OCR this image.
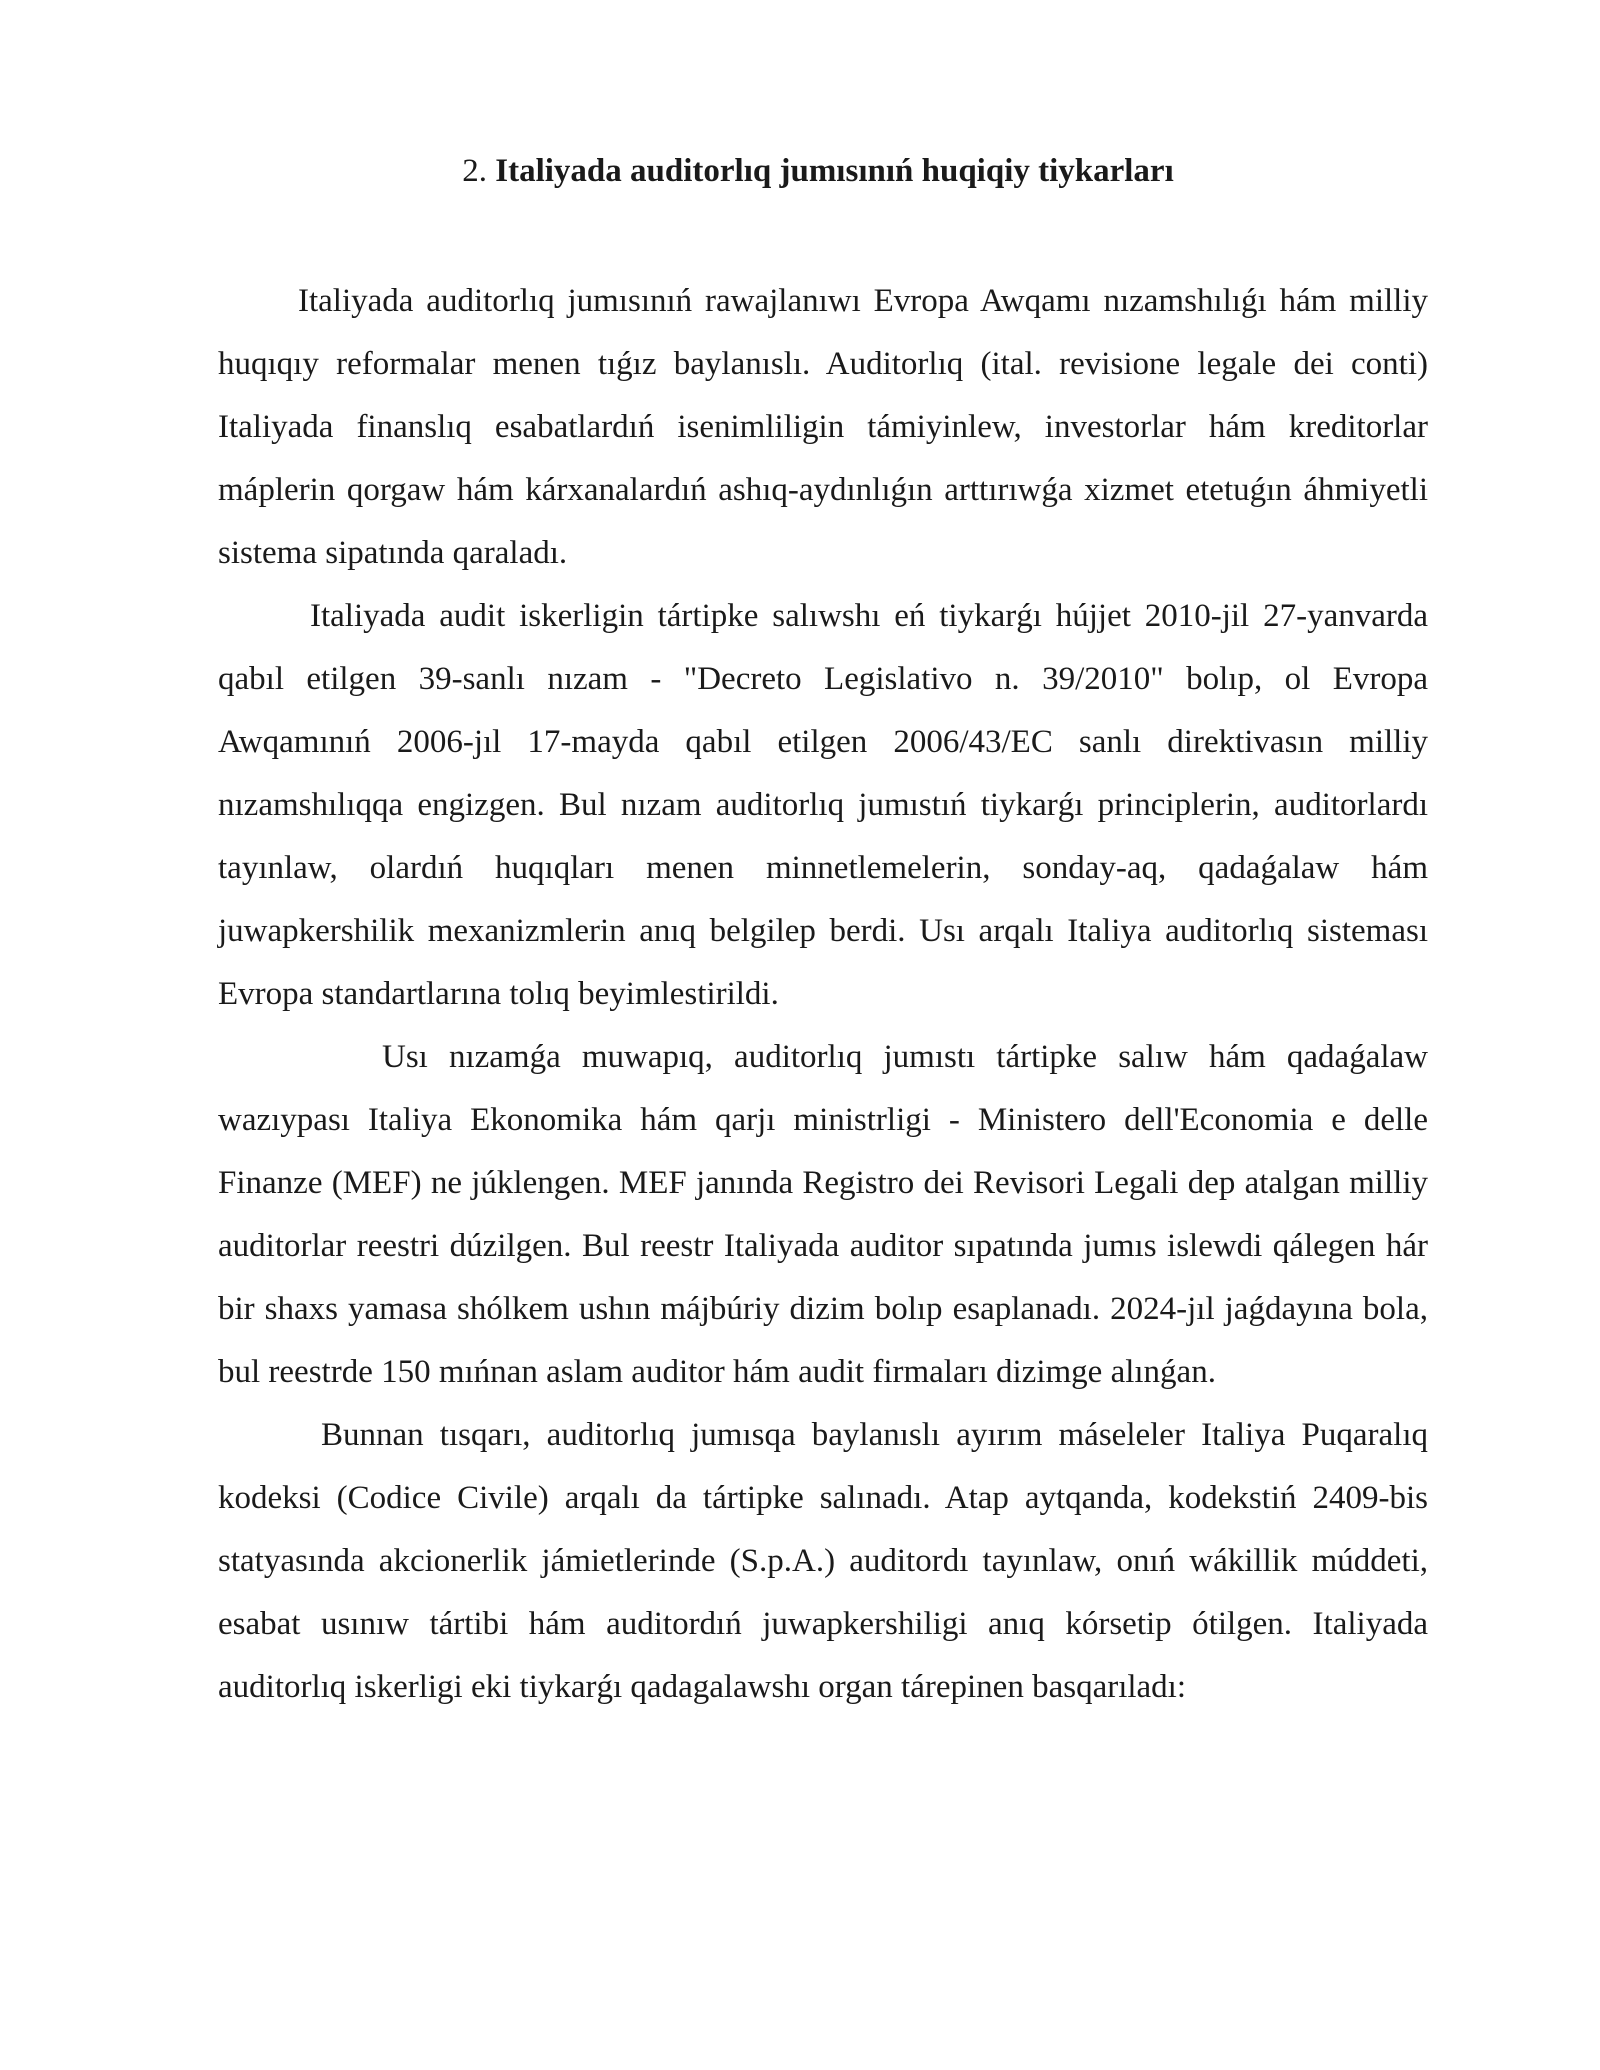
2. Italiyada auditorlıq jumısınıń huqiqiy tiykarları

Italiyada auditorlıq jumısınıń rawajlanıwı Evropa Awqamı nızamshılıǵı hám milliy huqıqıy reformalar menen tıǵız baylanıslı. Auditorlıq (ital. revisione legale dei conti) Italiyada finanslıq esabatlardıń isenimliligin támiyinlew, investorlar hám kreditorlar máplerin qorgaw hám kárxanalardıń ashıq-aydınlıǵın arttırıwǵa xizmet etetuǵın áhmiyetli sistema sipatında qaraladı.

Italiyada audit iskerligin tártipke salıwshı eń tiykarǵı hújjet 2010-jil 27-yanvarda qabıl etilgen 39-sanlı nızam - "Decreto Legislativo n. 39/2010" bolıp, ol Evropa Awqamınıń 2006-jıl 17-mayda qabıl etilgen 2006/43/EC sanlı direktivasın milliy nızamshılıqqa engizgen. Bul nızam auditorlıq jumıstıń tiykarǵı principlerin, auditorlardı tayınlaw, olardıń huqıqları menen minnetlemelerin, sonday-aq, qadaǵalaw hám juwapkershilik mexanizmlerin anıq belgilep berdi. Usı arqalı Italiya auditorlıq sisteması Evropa standartlarına tolıq beyimlestirildi.

Usı nızamǵa muwapıq, auditorlıq jumıstı tártipke salıw hám qadaǵalaw wazıypası Italiya Ekonomika hám qarjı ministrligi - Ministero dell'Economia e delle Finanze (MEF) ne júklengen. MEF janında Registro dei Revisori Legali dep atalgan milliy auditorlar reestri dúzilgen. Bul reestr Italiyada auditor sıpatında jumıs islewdi qálegen hár bir shaxs yamasa shólkem ushın májbúriy dizim bolıp esaplanadı. 2024-jıl jaǵdayına bola, bul reestrde 150 mıńnan aslam auditor hám audit firmaları dizimge alınǵan.

Bunnan tısqarı, auditorlıq jumısqa baylanıslı ayırım máseleler Italiya Puqaralıq kodeksi (Codice Civile) arqalı da tártipke salınadı. Atap aytqanda, kodekstiń 2409-bis statyasında akcionerlik jámietlerinde (S.p.A.) auditordı tayınlaw, onıń wákillik múddeti, esabat usınıw tártibi hám auditordıń juwapkershiligi anıq kórsetip ótilgen. Italiyada auditorlıq iskerligi eki tiykarǵı qadagalawshı organ tárepinen basqarıladı:
